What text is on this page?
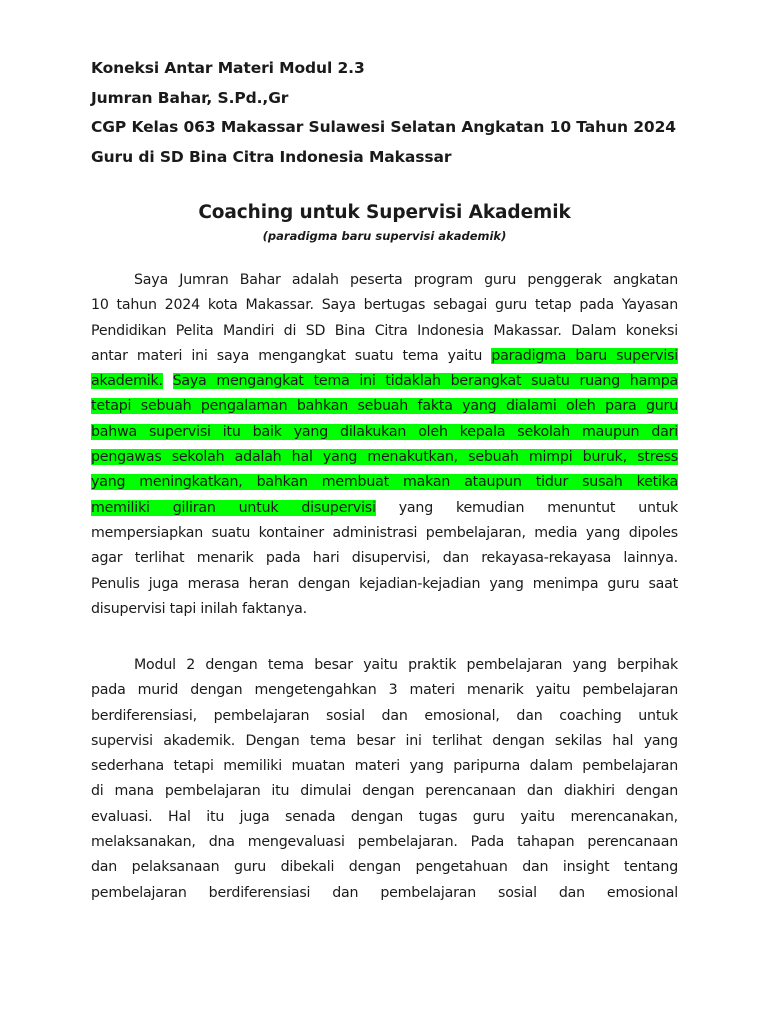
Koneksi Antar Materi Modul 2.3
Jumran Bahar, S.Pd.,Gr
CGP Kelas 063 Makassar Sulawesi Selatan Angkatan 10 Tahun 2024
Guru di SD Bina Citra Indonesia Makassar
Coaching untuk Supervisi Akademik
(paradigma baru supervisi akademik)
Saya Jumran Bahar adalah peserta program guru penggerak angkatan
10 tahun 2024 kota Makassar. Saya bertugas sebagai guru tetap pada Yayasan
Pendidikan Pelita Mandiri di SD Bina Citra Indonesia Makassar. Dalam koneksi
antar materi ini saya mengangkat suatu tema yaitu paradigma baru supervisi
akademik. Saya mengangkat tema ini tidaklah berangkat suatu ruang hampa
tetapi sebuah pengalaman bahkan sebuah fakta yang dialami oleh para guru
bahwa supervisi itu baik yang dilakukan oleh kepala sekolah maupun dari
pengawas sekolah adalah hal yang menakutkan, sebuah mimpi buruk, stress
yang meningkatkan, bahkan membuat makan ataupun tidur susah ketika
memiliki giliran untuk disupervisi yang kemudian menuntut untuk
mempersiapkan suatu kontainer administrasi pembelajaran, media yang dipoles
agar terlihat menarik pada hari disupervisi, dan rekayasa-rekayasa lainnya.
Penulis juga merasa heran dengan kejadian-kejadian yang menimpa guru saat
disupervisi tapi inilah faktanya.
Modul 2 dengan tema besar yaitu praktik pembelajaran yang berpihak
pada murid dengan mengetengahkan 3 materi menarik yaitu pembelajaran
berdiferensiasi, pembelajaran sosial dan emosional, dan coaching untuk
supervisi akademik. Dengan tema besar ini terlihat dengan sekilas hal yang
sederhana tetapi memiliki muatan materi yang paripurna dalam pembelajaran
di mana pembelajaran itu dimulai dengan perencanaan dan diakhiri dengan
evaluasi. Hal itu juga senada dengan tugas guru yaitu merencanakan,
melaksanakan, dna mengevaluasi pembelajaran. Pada tahapan perencanaan
dan pelaksanaan guru dibekali dengan pengetahuan dan insight tentang
pembelajaran berdiferensiasi dan pembelajaran sosial dan emosional
